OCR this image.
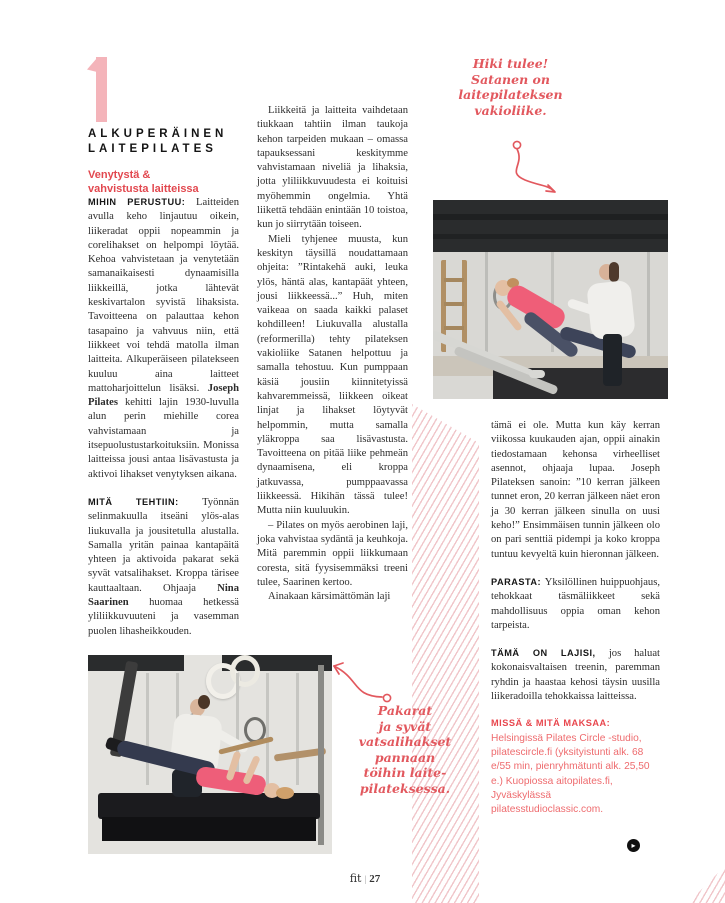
ALKUPERÄINEN
LAITEPILATES
Venytystä &
vahvistusta laitteissa

MIHIN PERUSTUU: Laitteiden avulla keho linjautuu oikein, liikeradat oppii nopeammin ja corelihakset on helpompi löytää. Kehoa vahvistetaan ja venytetään samanaikaisesti dynaamisilla liikkeillä, jotka lähtevät keskivartalon syvistä lihaksista. Tavoitteena on palauttaa kehon tasapaino ja vahvuus niin, että liikkeet voi tehdä matolla ilman laitteita. Alkuperäiseen pilatekseen kuuluu aina laitteet mattoharjoittelun lisäksi. Joseph Pilates kehitti lajin 1930-luvulla alun perin miehille corea vahvistamaan ja itsepuolustustarkoituksiin. Monissa laitteissa jousi antaa lisävastusta ja aktivoi lihakset venytyksen aikana.

MITÄ TEHTIIN: Työnnän selinmakuulla itseäni ylös-alas liukuvalla ja jousitetulla alustalla. Samalla yritän painaa kantapäitä yhteen ja aktivoida pakarat sekä syvät vatsalihakset. Kroppa tärisee kauttaaltaan. Ohjaaja Nina Saarinen huomaa hetkessä yliliikkuvuuteni ja vasemman puolen lihasheikkouden.

Liikkeitä ja laitteita vaihdetaan tiukkaan tahtiin ilman taukoja kehon tarpeiden mukaan – omassa tapauksessani keskitymme vahvistamaan niveliä ja lihaksia, jotta yliliikkuvuudesta ei koituisi myöhemmin ongelmia. Yhtä liikettä tehdään enintään 10 toistoa, kun jo siirrytään toiseen.

Mieli tyhjenee muusta, kun keskityn täysillä noudattamaan ohjeita: ”Rintakehä auki, leuka ylös, häntä alas, kantapäät yhteen, jousi liikkeessä...” Huh, miten vaikeaa on saada kaikki palaset kohdilleen! Liukuvalla alustalla (reformerilla) tehty pilateksen vakioliike Satanen helpottuu ja samalla tehostuu. Kun pumppaan käsiä jousiin kiinnitetyissä kahvaremmeissä, liikkeen oikeat linjat ja lihakset löytyvät helpommin, mutta samalla yläkroppa saa lisävastusta. Tavoitteena on pitää liike pehmeän dynaamisena, eli kroppa jatkuvassa, pumppaavassa liikkeessä. Hikihän tässä tulee! Mutta niin kuuluukin.

– Pilates on myös aerobinen laji, joka vahvistaa sydäntä ja keuhkoja. Mitä paremmin oppii liikkumaan coresta, sitä fyysisemmäksi treeni tulee, Saarinen kertoo.

Ainakaan kärsimättömän laji

tämä ei ole. Mutta kun käy kerran viikossa kuukauden ajan, oppii ainakin tiedostamaan kehonsa virheelliset asennot, ohjaaja lupaa. Joseph Pilateksen sanoin: ”10 kerran jälkeen tunnet eron, 20 kerran jälkeen näet eron ja 30 kerran jälkeen sinulla on uusi keho!” Ensimmäisen tunnin jälkeen olo on pari senttiä pidempi ja koko kroppa tuntuu kevyeltä kuin hieronnan jälkeen.

PARASTA: Yksilöllinen huippuohjaus, tehokkaat täsmäliikkeet sekä mahdollisuus oppia oman kehon tarpeista.

TÄMÄ ON LAJISI, jos haluat kokonaisvaltaisen treenin, paremman ryhdin ja haastaa kehosi täysin uusilla liikeradoilla tehokkaissa laitteissa.

MISSÄ & MITÄ MAKSAA: Helsingissä Pilates Circle -studio, pilatescircle.fi (yksityistunti alk. 68 e/55 min, pienryhmätunti alk. 25,50 e.) Kuopiossa aitopilates.fi, Jyväskylässä pilatesstudioclassic.com.

Hiki tulee!
Satanen on
laitepilateksen
vakioliike.
Pakarat
ja syvät
vatsalihakset
pannaan
töihin laite-
pilateksessa.
▸
fit | 27
